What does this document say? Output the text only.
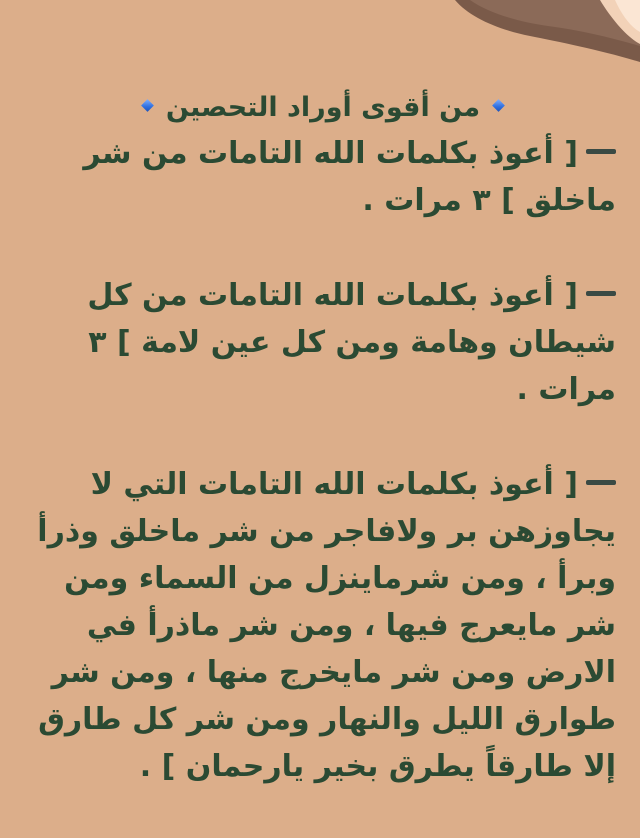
من أقوى أوراد التحصين

[ أعوذ بكلمات الله التامات من شر ماخلق ] ٣ مرات .

[ أعوذ بكلمات الله التامات من كل شيطان وهامة ومن كل عين لامة ] ٣ مرات .

[ أعوذ بكلمات الله التامات التي لا يجاوزهن بر ولافاجر من شر ماخلق وذرأ وبرأ ، ومن شرماينزل من السماء ومن شر مايعرج فيها ، ومن شر ماذرأ في الارض ومن شر مايخرج منها ، ومن شر طوارق الليل والنهار ومن شر كل طارق إلا طارقاً يطرق بخير يارحمان ] .
